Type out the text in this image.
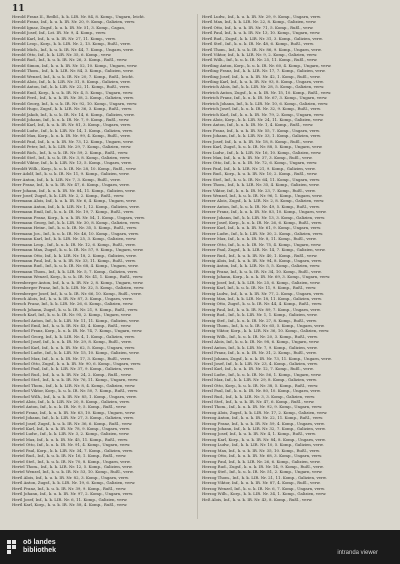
11
Herold Franz II., Redbl., k. k. LIR. Nr. 84, 8. Komp., Ungarn, leicht.
Herold Franz, Inf., k. u. k. IR. Nr. 20, 9. Komp., Galizien, verw.
Herold Ignaz, Zugsf., k. u. k. IR. Nr. 51, 3. Komp., Cagan,
Herold Josef, Inf., Lst. IR. Nr. 9, 4. Komp., verw.
Herold Karl, Inf., k. u. k. IR. Nr. 27, 11. Komp., verw.
Herold Leop., Korp., k. k. LIR. Nr. 2, 13. Komp., Rußl., verw.
Herold Mich., Inf., k. u. k. IR. Nr. 44, 7. Komp., Ungarn, verw.
Herold Otto, Inf., k. k. LIR. Nr. 35, 6. Komp., verw.
Herold Rud., Inf., k. u. k. IR. Nr. 26, 3. Komp., Rußl., verw.
Herold Simon, Inf., k. u. k. IR. Nr. 52, 10. Komp., Ungarn, verw.
Herold Thom., Inf., k. k. LIR. Nr. 84, 3. Komp., Galizien, verw.
Herold Wenzel, Inf., k. u. k. IR. Nr. 20, 7. Komp., Rußl., leicht.
Herold Alois, Inf., k. k. LIR. Nr. 31, 8. Komp., Galizien, verw.
Herold Anton, Inf., k. k. LIR. Nr. 22, 11. Komp., Rußl., verw.
Herold Emil, Korp., k. u. k. IR. Nr. 4, 5. Komp., Ungarn, verw.
Herold Ferd., Inf., k. u. k. IR. Nr. 38, 2. Komp., Galizien, verw.
Herold Georg, Inf., k. u. k. IR. Nr. 92, 10. Komp., Ungarn, verw.
Herold Hugo, Zugsf., k. k. LIR. Nr. 36, 3. Komp., Rußl., verw.
Herold Jakob, Inf., k. u. k. IR. Nr. 14, 6. Komp., Galizien, verw.
Herold Johann, Inf., k. u. k. IR. Nr. 7, 9. Komp., Rußl., verw.
Herold Karl, Inf., k. u. k. IR. Nr. 81, 3. Komp., Ungarn, verw.
Herold Ludw., Inf., k. k. LIR. Nr. 14, 1. Komp., Galizien, verw.
Herold Max, Korp., k. u. k. IR. Nr. 99, 4. Komp., Rußl., verw.
Herold Paul, Inf., k. u. k. IR. Nr. 73, 12. Komp., Ungarn, verw.
Herold Peter, Inf., k. k. LIR. Nr. 29, 7. Komp., Galizien, verw.
Herold Rich., Inf., k. u. k. IR. Nr. 59, 2. Komp., Rußl., verw.
Herold Stef., Inf., k. u. k. IR. Nr. 3, 8. Komp., Galizien, verw.
Herold Viktor, Inf., k. k. LIR. Nr. 13, 5. Komp., Ungarn, verw.
Heroldt Wilh., Korp., k. u. k. IR. Nr. 28, 10. Komp., Rußl., verw.
Herr Adolf, Inf., k. u. k. IR. Nr. 11, 9. Komp., Galizien, verw.
Herr Anton, Inf., k. k. LIR. Nr. 7, 3. Komp., Rußl., verw.
Herr Franz, Inf., k. u. k. IR. Nr. 47, 6. Komp., Ungarn, verw.
Herr Johann, Inf., k. u. k. IR. Nr. 84, 11. Komp., Galizien, verw.
Herr Josef, Zugsf., k. k. LIR. Nr. 2, 2. Komp., Rußl., verw.
Herrmann Alois, Inf., k. u. k. IR. Nr. 6, 4. Komp., Ungarn, verw.
Herrmann Anton, Inf., k. k. LIR. Nr. 1, 12. Komp., Galizien, verw.
Herrmann Emil, Inf., k. u. k. IR. Nr. 19, 7. Komp., Rußl., verw.
Herrmann Franz, Korp., k. u. k. IR. Nr. 54, 1. Komp., Ungarn, verw.
Herrmann Georg, Inf., k. k. LIR. Nr. 30, 8. Komp., Galizien, verw.
Herrmann Heinr., Inf., k. u. k. IR. Nr. 35, 5. Komp., Rußl., verw.
Herrmann Jos., Inf., k. u. k. IR. Nr. 46, 10. Komp., Ungarn, verw.
Herrmann Karl, Inf., k. k. LIR. Nr. 25, 3. Komp., Galizien, verw.
Herrmann Leop., Inf., k. u. k. IR. Nr. 12, 6. Komp., Rußl., verw.
Herrmann Max, Zugsf., k. u. k. IR. Nr. 57, 9. Komp., Ungarn, verw.
Herrmann Otto, Inf., k. k. LIR. Nr. 18, 2. Komp., Galizien, verw.
Herrmann Paul, Inf., k. u. k. IR. Nr. 33, 11. Komp., Rußl., verw.
Herrmann Rud., Inf., k. u. k. IR. Nr. 68, 4. Komp., Ungarn, verw.
Herrmann Thom., Inf., k. k. LIR. Nr. 5, 7. Komp., Galizien, verw.
Herrmann Wenzel, Korp., k. u. k. IR. Nr. 41, 1. Komp., Rußl., verw.
Herrnberger Anton, Inf., k. u. k. IR. Nr. 2, 8. Komp., Ungarn, verw.
Herrnberger Franz, Inf., k. k. LIR. Nr. 32, 5. Komp., Galizien, verw.
Herrnberger Josef, Inf., k. u. k. IR. Nr. 66, 10. Komp., Rußl., verw.
Hersch Alois, Inf., k. u. k. IR. Nr. 87, 3. Komp., Ungarn, verw.
Hersch Franz, Inf., k. k. LIR. Nr. 26, 6. Komp., Galizien, verw.
Hersch Johann, Zugsf., k. u. k. IR. Nr. 21, 9. Komp., Rußl., verw.
Hersch Karl, Inf., k. u. k. IR. Nr. 95, 2. Komp., Ungarn, verw.
Herschel Anton, Inf., k. k. LIR. Nr. 11, 11. Komp., Galizien, verw.
Herschel Emil, Inf., k. u. k. IR. Nr. 43, 4. Komp., Rußl., verw.
Herschel Franz, Korp., k. u. k. IR. Nr. 74, 7. Komp., Ungarn, verw.
Herschel Georg, Inf., k. k. LIR. Nr. 4, 1. Komp., Galizien, verw.
Herschel Josef, Inf., k. u. k. IR. Nr. 29, 8. Komp., Rußl., verw.
Herschel Karl, Inf., k. u. k. IR. Nr. 62, 5. Komp., Ungarn, verw.
Herschel Ludw., Inf., k. k. LIR. Nr. 15, 10. Komp., Galizien, verw.
Herschel Max, Inf., k. u. k. IR. Nr. 17, 3. Komp., Rußl., verw.
Herschel Otto, Zugsf., k. u. k. IR. Nr. 90, 6. Komp., Ungarn, verw.
Herschel Paul, Inf., k. k. LIR. Nr. 37, 9. Komp., Galizien, verw.
Herschel Rud., Inf., k. u. k. IR. Nr. 24, 2. Komp., Rußl., verw.
Herschel Stef., Inf., k. u. k. IR. Nr. 76, 11. Komp., Ungarn, verw.
Herschel Thom., Inf., k. k. LIR. Nr. 8, 4. Komp., Galizien, verw.
Herschel Viktor, Korp., k. u. k. IR. Nr. 50, 7. Komp., Rußl., verw.
Herschel Wilh., Inf., k. u. k. IR. Nr. 85, 1. Komp., Ungarn, verw.
Hertel Alois, Inf., k. k. LIR. Nr. 20, 8. Komp., Galizien, verw.
Hertel Anton, Inf., k. u. k. IR. Nr. 9, 5. Komp., Rußl., verw.
Hertel Franz, Inf., k. u. k. IR. Nr. 63, 10. Komp., Ungarn, verw.
Hertel Johann, Inf., k. k. LIR. Nr. 27, 3. Komp., Galizien, verw.
Hertel Josef, Zugsf., k. u. k. IR. Nr. 36, 6. Komp., Rußl., verw.
Hertel Karl, Inf., k. u. k. IR. Nr. 78, 9. Komp., Ungarn, verw.
Hertel Ludw., Inf., k. k. LIR. Nr. 3, 2. Komp., Galizien, verw.
Hertel Max, Inf., k. u. k. IR. Nr. 45, 11. Komp., Rußl., verw.
Hertel Otto, Inf., k. u. k. IR. Nr. 91, 4. Komp., Ungarn, verw.
Hertel Paul, Korp., k. k. LIR. Nr. 34, 7. Komp., Galizien, verw.
Hertel Rud., Inf., k. u. k. IR. Nr. 16, 1. Komp., Rußl., verw.
Hertel Stef., Inf., k. u. k. IR. Nr. 70, 8. Komp., Ungarn, verw.
Hertel Thom., Inf., k. k. LIR. Nr. 12, 5. Komp., Galizien, verw.
Hertel Wenzel, Inf., k. u. k. IR. Nr. 53, 10. Komp., Rußl., verw.
Hertl Alois, Inf., k. u. k. IR. Nr. 82, 3. Komp., Ungarn, verw.
Hertl Anton, Zugsf., k. k. LIR. Nr. 19, 6. Komp., Galizien, verw.
Hertl Franz, Inf., k. u. k. IR. Nr. 39, 9. Komp., Rußl., verw.
Hertl Johann, Inf., k. u. k. IR. Nr. 97, 2. Komp., Ungarn, verw.
Hertl Josef, Inf., k. k. LIR. Nr. 6, 11. Komp., Galizien, verw.
Hertl Karl, Korp., k. u. k. IR. Nr. 58, 4. Komp., Rußl., verw.
Hertl Ludw., Inf., k. u. k. IR. Nr. 29, 9. Komp., Ungarn, verw.
Hertl Max, Inf., k. k. LIR. Nr. 22, 8. Komp., Galizien, verw.
Hertl Otto, Inf., k. u. k. IR. Nr. 71, 5. Komp., Rußl., verw.
Hertl Paul, Inf., k. u. k. IR. Nr. 13, 10. Komp., Ungarn, verw.
Hertl Rud., Zugsf., k. k. LIR. Nr. 31, 3. Komp., Galizien, verw.
Hertl Stef., Inf., k. u. k. IR. Nr. 48, 6. Komp., Rußl., verw.
Hertl Thom., Inf., k. u. k. IR. Nr. 86, 9. Komp., Ungarn, verw.
Hertl Viktor, Inf., k. k. LIR. Nr. 9, 2. Komp., Galizien, verw.
Hertl Wilh., Inf., k. u. k. IR. Nr. 25, 11. Komp., Rußl., verw.
Hertling Anton, Korp., k. u. k. IR. Nr. 60, 4. Komp., Ungarn, verw.
Hertling Franz, Inf., k. k. LIR. Nr. 17, 7. Komp., Galizien, verw.
Hertling Josef, Inf., k. u. k. IR. Nr. 42, 1. Komp., Rußl., verw.
Hertling Karl, Inf., k. u. k. IR. Nr. 93, 8. Komp., Ungarn, verw.
Hertrich Alois, Inf., k. k. LIR. Nr. 28, 5. Komp., Galizien, verw.
Hertrich Anton, Zugsf., k. u. k. IR. Nr. 15, 10. Komp., Rußl., verw.
Hertrich Franz, Inf., k. u. k. IR. Nr. 67, 3. Komp., Ungarn, verw.
Hertrich Johann, Inf., k. k. LIR. Nr. 10, 6. Komp., Galizien, verw.
Hertrich Josef, Inf., k. u. k. IR. Nr. 32, 9. Komp., Rußl., verw.
Hertrich Karl, Inf., k. u. k. IR. Nr. 79, 2. Komp., Ungarn, verw.
Herz Alois, Korp., k. k. LIR. Nr. 24, 11. Komp., Galizien, verw.
Herz Anton, Inf., k. u. k. IR. Nr. 1, 4. Komp., Rußl., verw.
Herz Franz, Inf., k. u. k. IR. Nr. 55, 7. Komp., Ungarn, verw.
Herz Johann, Inf., k. k. LIR. Nr. 33, 1. Komp., Galizien, verw.
Herz Josef, Inf., k. u. k. IR. Nr. 18, 8. Komp., Rußl., verw.
Herz Karl, Zugsf., k. u. k. IR. Nr. 88, 5. Komp., Ungarn, verw.
Herz Ludw., Inf., k. k. LIR. Nr. 16, 10. Komp., Galizien, verw.
Herz Max, Inf., k. u. k. IR. Nr. 37, 3. Komp., Rußl., verw.
Herz Otto, Inf., k. u. k. IR. Nr. 72, 6. Komp., Ungarn, verw.
Herz Paul, Inf., k. k. LIR. Nr. 21, 9. Komp., Galizien, verw.
Herz Rud., Korp., k. u. k. IR. Nr. 10, 2. Komp., Rußl., verw.
Herz Stef., Inf., k. u. k. IR. Nr. 64, 11. Komp., Ungarn, verw.
Herz Thom., Inf., k. k. LIR. Nr. 35, 4. Komp., Galizien, verw.
Herz Viktor, Inf., k. u. k. IR. Nr. 23, 7. Komp., Rußl., verw.
Herz Wenzel, Inf., k. u. k. IR. Nr. 96, 1. Komp., Ungarn, verw.
Herzer Alois, Zugsf., k. k. LIR. Nr. 2, 8. Komp., Galizien, verw.
Herzer Anton, Inf., k. u. k. IR. Nr. 49, 5. Komp., Rußl., verw.
Herzer Franz, Inf., k. u. k. IR. Nr. 83, 10. Komp., Ungarn, verw.
Herzer Johann, Inf., k. k. LIR. Nr. 13, 3. Komp., Galizien, verw.
Herzer Josef, Korp., k. u. k. IR. Nr. 26, 6. Komp., Rußl., verw.
Herzer Karl, Inf., k. u. k. IR. Nr. 61, 9. Komp., Ungarn, verw.
Herzer Ludw., Inf., k. k. LIR. Nr. 30, 2. Komp., Galizien, verw.
Herzer Max, Inf., k. u. k. IR. Nr. 8, 11. Komp., Rußl., verw.
Herzer Otto, Inf., k. u. k. IR. Nr. 75, 4. Komp., Ungarn, verw.
Herzer Paul, Zugsf., k. k. LIR. Nr. 14, 7. Komp., Galizien, verw.
Herzer Rud., Inf., k. u. k. IR. Nr. 40, 1. Komp., Rußl., verw.
Herzig Alois, Inf., k. u. k. IR. Nr. 94, 8. Komp., Ungarn, verw.
Herzig Anton, Inf., k. k. LIR. Nr. 5, 5. Komp., Galizien, verw.
Herzig Franz, Inf., k. u. k. IR. Nr. 34, 10. Komp., Rußl., verw.
Herzig Johann, Korp., k. u. k. IR. Nr. 69, 3. Komp., Ungarn, verw.
Herzig Josef, Inf., k. k. LIR. Nr. 25, 6. Komp., Galizien, verw.
Herzig Karl, Inf., k. u. k. IR. Nr. 11, 9. Komp., Rußl., verw.
Herzig Ludw., Inf., k. u. k. IR. Nr. 77, 2. Komp., Ungarn, verw.
Herzig Max, Inf., k. k. LIR. Nr. 18, 11. Komp., Galizien, verw.
Herzig Otto, Zugsf., k. u. k. IR. Nr. 44, 4. Komp., Rußl., verw.
Herzig Paul, Inf., k. u. k. IR. Nr. 89, 7. Komp., Ungarn, verw.
Herzig Rud., Inf., k. k. LIR. Nr. 1, 1. Komp., Galizien, verw.
Herzig Stef., Inf., k. u. k. IR. Nr. 27, 8. Komp., Rußl., verw.
Herzig Thom., Inf., k. u. k. IR. Nr. 65, 5. Komp., Ungarn, verw.
Herzig Viktor, Korp., k. k. LIR. Nr. 36, 10. Komp., Galizien, verw.
Herzig Wilh., Inf., k. u. k. IR. Nr. 20, 3. Komp., Rußl., verw.
Herzl Alois, Inf., k. u. k. IR. Nr. 98, 6. Komp., Ungarn, verw.
Herzl Anton, Inf., k. k. LIR. Nr. 7, 9. Komp., Galizien, verw.
Herzl Franz, Inf., k. u. k. IR. Nr. 31, 2. Komp., Rußl., verw.
Herzl Johann, Zugsf., k. u. k. IR. Nr. 73, 11. Komp., Ungarn, verw.
Herzl Josef, Inf., k. k. LIR. Nr. 23, 4. Komp., Galizien, verw.
Herzl Karl, Inf., k. u. k. IR. Nr. 12, 7. Komp., Rußl., verw.
Herzl Ludw., Inf., k. u. k. IR. Nr. 56, 1. Komp., Ungarn, verw.
Herzl Max, Inf., k. k. LIR. Nr. 29, 8. Komp., Galizien, verw.
Herzl Otto, Korp., k. u. k. IR. Nr. 38, 5. Komp., Rußl., verw.
Herzl Paul, Inf., k. u. k. IR. Nr. 80, 10. Komp., Ungarn, verw.
Herzl Rud., Inf., k. k. LIR. Nr. 3, 3. Komp., Galizien, verw.
Herzl Stef., Inf., k. u. k. IR. Nr. 47, 6. Komp., Rußl., verw.
Herzl Thom., Inf., k. u. k. IR. Nr. 92, 9. Komp., Ungarn, verw.
Herzog Alois, Zugsf., k. k. LIR. Nr. 17, 2. Komp., Galizien, verw.
Herzog Anton, Inf., k. u. k. IR. Nr. 22, 11. Komp., Rußl., verw.
Herzog Franz, Inf., k. u. k. IR. Nr. 59, 4. Komp., Ungarn, verw.
Herzog Johann, Inf., k. k. LIR. Nr. 32, 7. Komp., Galizien, verw.
Herzog Josef, Inf., k. u. k. IR. Nr. 4, 1. Komp., Rußl., verw.
Herzog Karl, Korp., k. u. k. IR. Nr. 84, 8. Komp., Ungarn, verw.
Herzog Ludw., Inf., k. k. LIR. Nr. 10, 5. Komp., Galizien, verw.
Herzog Max, Inf., k. u. k. IR. Nr. 35, 10. Komp., Rußl., verw.
Herzog Otto, Inf., k. u. k. IR. Nr. 68, 3. Komp., Ungarn, verw.
Herzog Paul, Inf., k. k. LIR. Nr. 26, 6. Komp., Galizien, verw.
Herzog Rud., Zugsf., k. u. k. IR. Nr. 14, 9. Komp., Rußl., verw.
Herzog Stef., Inf., k. u. k. IR. Nr. 51, 2. Komp., Ungarn, verw.
Herzog Thom., Inf., k. k. LIR. Nr. 21, 11. Komp., Galizien, verw.
Herzog Viktor, Inf., k. u. k. IR. Nr. 87, 4. Komp., Rußl., verw.
Herzog Wenzel, Inf., k. u. k. IR. Nr. 6, 7. Komp., Ungarn, verw.
Herzog Wilh., Korp., k. k. LIR. Nr. 34, 1. Komp., Galizien, verw.
Heß Alois, Inf., k. u. k. IR. Nr. 43, 8. Komp., Rußl., verw.
oö landes
bibliothek	intranda viewer
